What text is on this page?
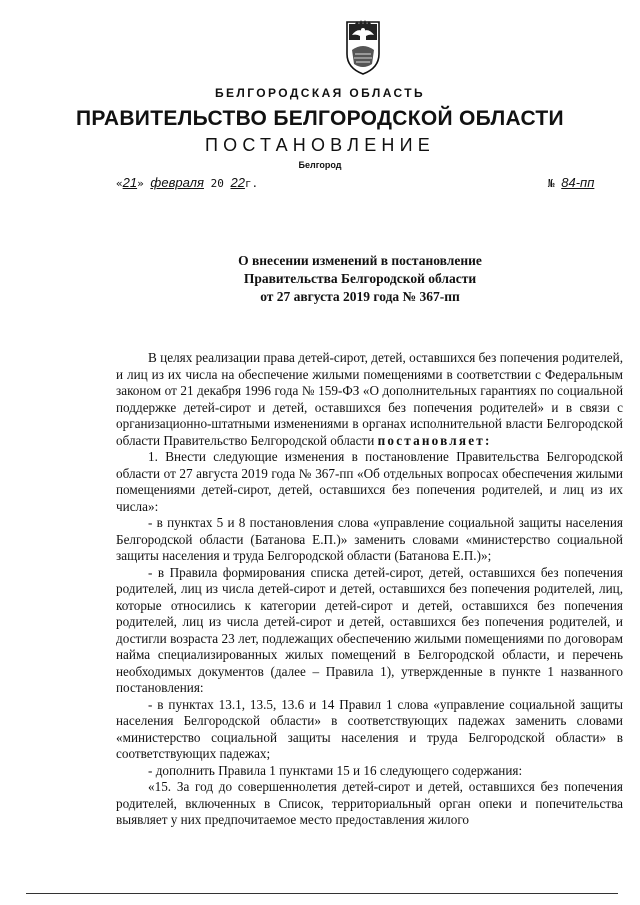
БЕЛГОРОДСКАЯ ОБЛАСТЬ
ПРАВИТЕЛЬСТВО БЕЛГОРОДСКОЙ ОБЛАСТИ
ПОСТАНОВЛЕНИЕ
Белгород
«21» февраля 20 22г.	№ 84-пп
О внесении изменений в постановление
Правительства Белгородской области
от 27 августа 2019 года № 367-пп

В целях реализации права детей-сирот, детей, оставшихся без попечения родителей, и лиц из их числа на обеспечение жилыми помещениями в соответствии с Федеральным законом от 21 декабря 1996 года № 159-ФЗ «О дополнительных гарантиях по социальной поддержке детей-сирот и детей, оставшихся без попечения родителей» и в связи с организационно-штатными изменениями в органах исполнительной власти Белгородской области Правительство Белгородской области постановляет:

1. Внести следующие изменения в постановление Правительства Белгородской области от 27 августа 2019 года № 367-пп «Об отдельных вопросах обеспечения жилыми помещениями детей-сирот, детей, оставшихся без попечения родителей, и лиц из их числа»:

- в пунктах 5 и 8 постановления слова «управление социальной защиты населения Белгородской области (Батанова Е.П.)» заменить словами «министерство социальной защиты населения и труда Белгородской области (Батанова Е.П.)»;

- в Правила формирования списка детей-сирот, детей, оставшихся без попечения родителей, лиц из числа детей-сирот и детей, оставшихся без попечения родителей, лиц, которые относились к категории детей-сирот и детей, оставшихся без попечения родителей, лиц из числа детей-сирот и детей, оставшихся без попечения родителей, и достигли возраста 23 лет, подлежащих обеспечению жилыми помещениями по договорам найма специализированных жилых помещений в Белгородской области, и перечень необходимых документов (далее – Правила 1), утвержденные в пункте 1 названного постановления:

- в пунктах 13.1, 13.5, 13.6 и 14 Правил 1 слова «управление социальной защиты населения Белгородской области» в соответствующих падежах заменить словами «министерство социальной защиты населения и труда Белгородской области» в соответствующих падежах;

- дополнить Правила 1 пунктами 15 и 16 следующего содержания:

«15. За год до совершеннолетия детей-сирот и детей, оставшихся без попечения родителей, включенных в Список, территориальный орган опеки и попечительства выявляет у них предпочитаемое место предоставления жилого
